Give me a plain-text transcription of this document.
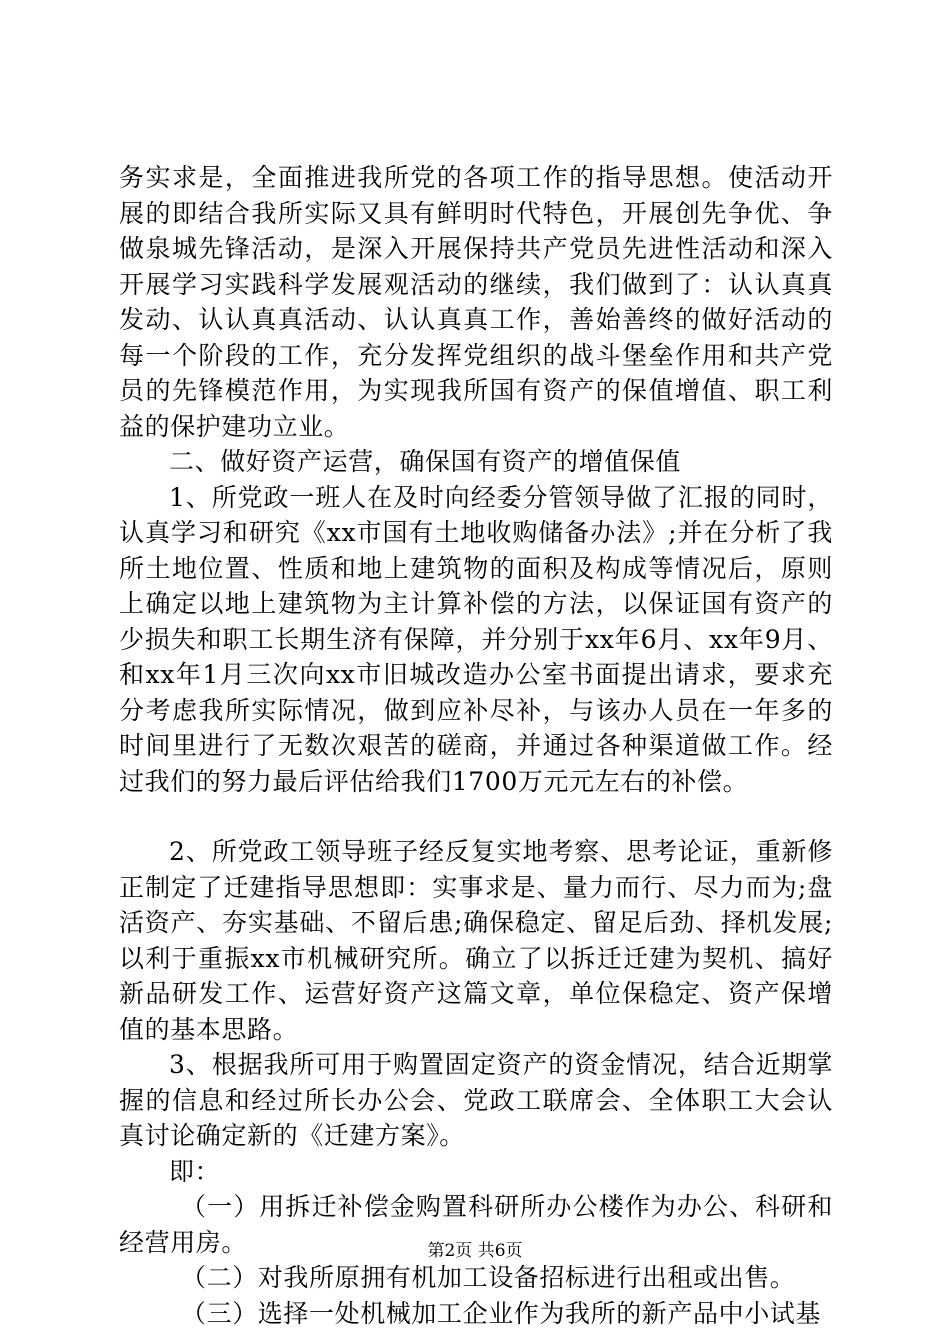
务实求是，全面推进我所党的各项工作的指导思想。使活动开展的即结合我所实际又具有鲜明时代特色，开展创先争优、争做泉城先锋活动，是深入开展保持共产党员先进性活动和深入开展学习实践科学发展观活动的继续，我们做到了：认认真真发动、认认真真活动、认认真真工作，善始善终的做好活动的每一个阶段的工作，充分发挥党组织的战斗堡垒作用和共产党员的先锋模范作用，为实现我所国有资产的保值增值、职工利益的保护建功立业。

二、做好资产运营，确保国有资产的增值保值

1、所党政一班人在及时向经委分管领导做了汇报的同时，认真学习和研究《xx市国有土地收购储备办法》;并在分析了我所土地位置、性质和地上建筑物的面积及构成等情况后，原则上确定以地上建筑物为主计算补偿的方法，以保证国有资产的少损失和职工长期生济有保障，并分别于xx年6月、xx年9月、和xx年1月三次向xx市旧城改造办公室书面提出请求，要求充分考虑我所实际情况，做到应补尽补，与该办人员在一年多的时间里进行了无数次艰苦的磋商，并通过各种渠道做工作。经过我们的努力最后评估给我们1700万元元左右的补偿。

2、所党政工领导班子经反复实地考察、思考论证，重新修正制定了迁建指导思想即：实事求是、量力而行、尽力而为;盘活资产、夯实基础、不留后患;确保稳定、留足后劲、择机发展;以利于重振xx市机械研究所。确立了以拆迁迁建为契机、搞好新品研发工作、运营好资产这篇文章，单位保稳定、资产保增值的基本思路。

3、根据我所可用于购置固定资产的资金情况，结合近期掌握的信息和经过所长办公会、党政工联席会、全体职工大会认真讨论确定新的《迁建方案》。

即：

（一）用拆迁补偿金购置科研所办公楼作为办公、科研和经营用房。

（二）对我所原拥有机加工设备招标进行出租或出售。

（三）选择一处机械加工企业作为我所的新产品中小试基

第2页 共6页
